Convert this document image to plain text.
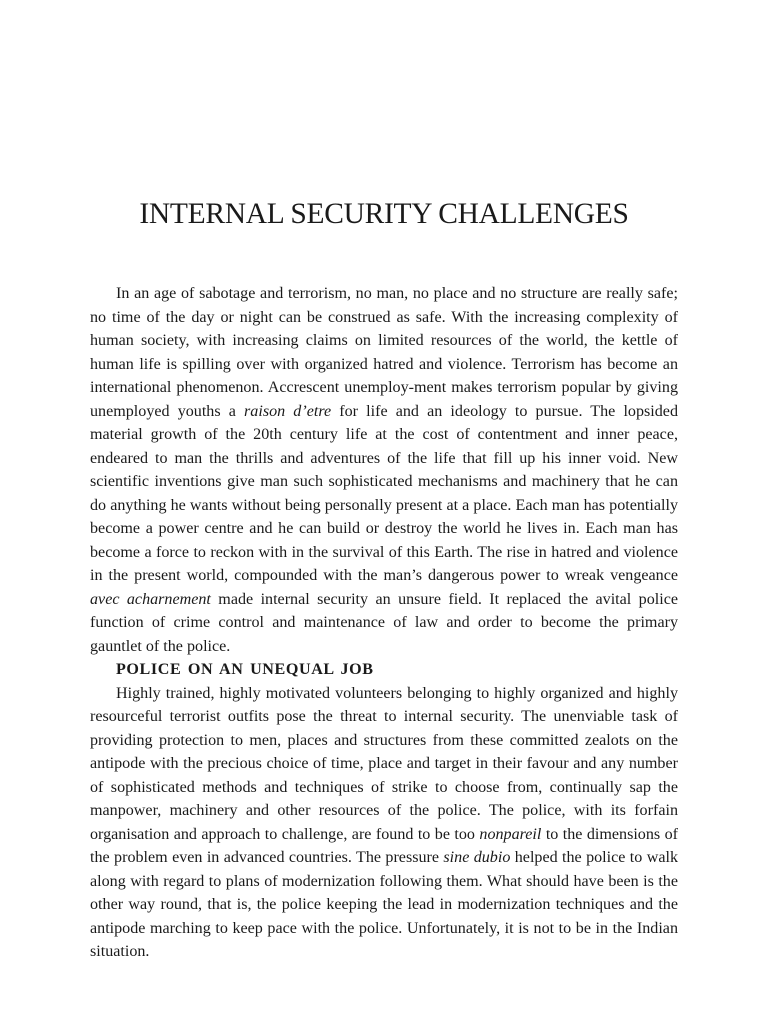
INTERNAL SECURITY CHALLENGES

In an age of sabotage and terrorism, no man, no place and no structure are really safe; no time of the day or night can be construed as safe. With the increasing complexity of human society, with increasing claims on limited resources of the world, the kettle of human life is spilling over with organized hatred and violence. Terrorism has become an international phenomenon. Accrescent unemploy-ment makes terrorism popular by giving unemployed youths a raison d’etre for life and an ideology to pursue. The lopsided material growth of the 20th century life at the cost of contentment and inner peace, endeared to man the thrills and adventures of the life that fill up his inner void. New scientific inventions give man such sophisticated mechanisms and machinery that he can do anything he wants without being personally present at a place. Each man has potentially become a power centre and he can build or destroy the world he lives in. Each man has become a force to reckon with in the survival of this Earth. The rise in hatred and violence in the present world, compounded with the man’s dangerous power to wreak vengeance avec acharnement made internal security an unsure field. It replaced the avital police function of crime control and maintenance of law and order to become the primary gauntlet of the police.

POLICE ON AN UNEQUAL JOB

Highly trained, highly motivated volunteers belonging to highly organized and highly resourceful terrorist outfits pose the threat to internal security. The unenviable task of providing protection to men, places and structures from these committed zealots on the antipode with the precious choice of time, place and target in their favour and any number of sophisticated methods and techniques of strike to choose from, continually sap the manpower, machinery and other resources of the police. The police, with its forfain organisation and approach to challenge, are found to be too nonpareil to the dimensions of the problem even in advanced countries. The pressure sine dubio helped the police to walk along with regard to plans of modernization following them. What should have been is the other way round, that is, the police keeping the lead in modernization techniques and the antipode marching to keep pace with the police. Unfortunately, it is not to be in the Indian situation.
